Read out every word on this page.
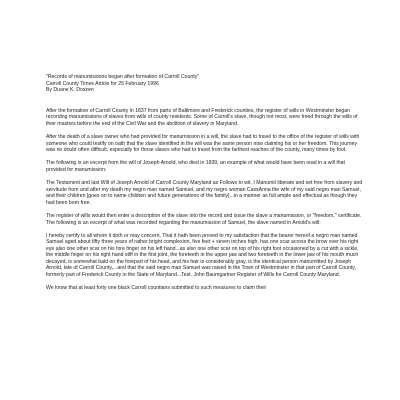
"Records of manumissions began after formation of Carroll County"

Carroll County Times Article for 25 February 1996

By Duane K. Doxzen

After the formation of Carroll County in 1837 from parts of Baltimore and Frederick counties, the register of wills in Westminster began recording manumissions of slaves from wills of county residents. Some of Carroll's slave, though not most, were freed through the wills of their masters before the end of the Civil War and the abolition of slavery in Maryland.

After the death of a slave owner who had provided for manumission in a will, the slave had to travel to the office of the register of wills with someone who could testify on oath that the slave identified in the will was the same person now claiming his or her freedom. This journey was no doubt often difficult, especially for those slaves who had to travel from the farthest reaches of the county, many times by foot.

The following is an excerpt from the will of Joseph Arnold, who died in 1839, an example of what would have been read in a will that provided for manumission:

The Testament and last Will of Joseph Arnold of Carroll County Maryland as Follows to wit, I Manumit liberate and set free from slavery and servitude from and after my death my negro man named Samuel, and my negro woman CassAnna the wife of my said negro man Samuel, and their children [goes on to name children and future generations of the family]...in a manner as full ample and effectual as though they had been born free.

The register of wills would then enter a description of the slave into the record and issue the slave a manumission, or "freedom," certificate. The following is an excerpt of what was recorded regarding the manumission of Samuel, the slave named in Arnold's will:

I hereby certify to all whom it doth or may concern, That it hath been proved to my satisfaction that the bearer hereof a negro man named Samuel aged about fifty three years of rather bright complexion, five feet + seven inches high, has one scar across the brow over his right eye also one other scar on his fore finger on his left hand...as also one other scar on top of his right foot occasioned by a cut with a sickle, the middle finger on his right hand stiff in the first joint, the foreteeth in the upper jaw and two foreteeth in the lower jaw of his mouth much decayed, is somewhat bald on the forepart of his head, and his hair is considerably gray, is the identical person manumitted by Joseph Arnold, late of Carroll County,...and that the said negro man Samuel was raised in the Town of Westminster in that part of Carroll County, formerly part of Frederick County in the State of Maryland...Test. John Baumgartner Register of Wills for Carroll County Maryland.

We know that at least forty one black Carroll countians submitted to such measures to claim their
